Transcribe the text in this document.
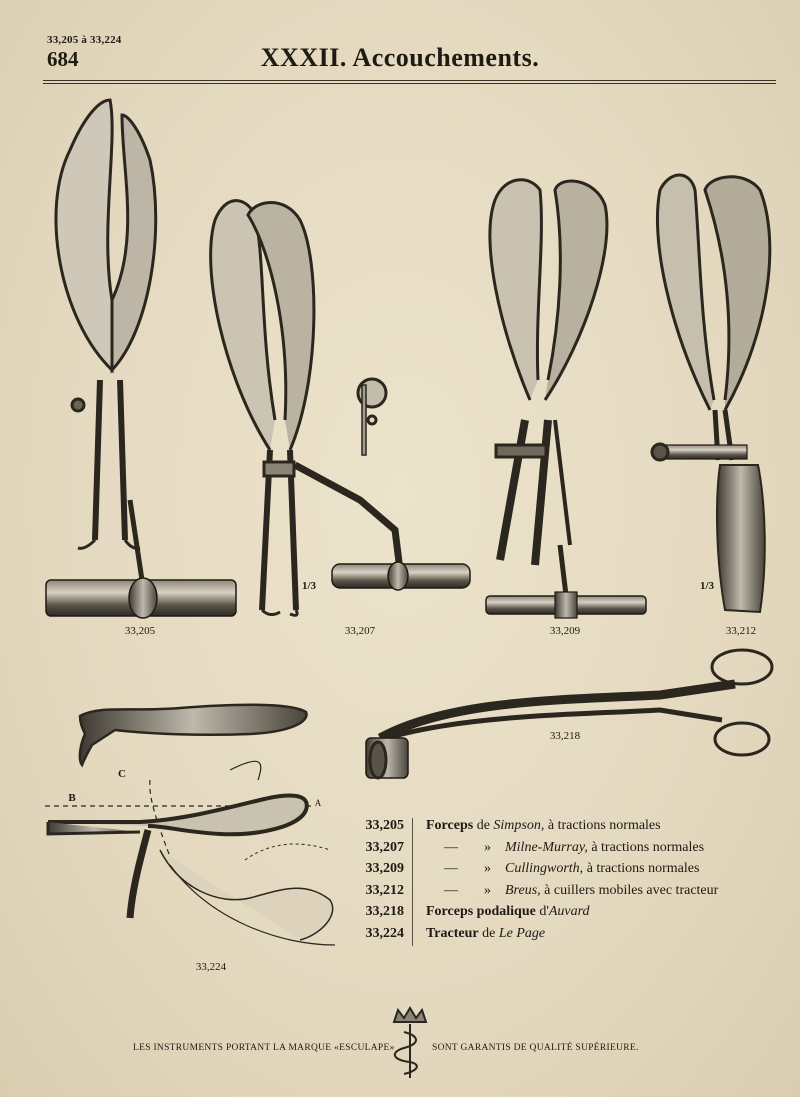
33,205 à 33,224
684	XXXII. Accouchements.
33,205	33,207
1/3
33,209	33,212
1/3
33,218
33,224
C
B	A
33,205 Forceps de Simpson, à tractions normales
33,207	— » Milne-Murray, à tractions normales
33,209	— » Cullingworth, à tractions normales
33,212	— » Breus, à cuillers mobiles avec tracteur
33,218 Forceps podalique d'Auvard
33,224 Tracteur de Le Page
LES INSTRUMENTS PORTANT LA MARQUE «ESCULAPE»	SONT GARANTIS DE QUALITÉ SUPÉRIEURE.
